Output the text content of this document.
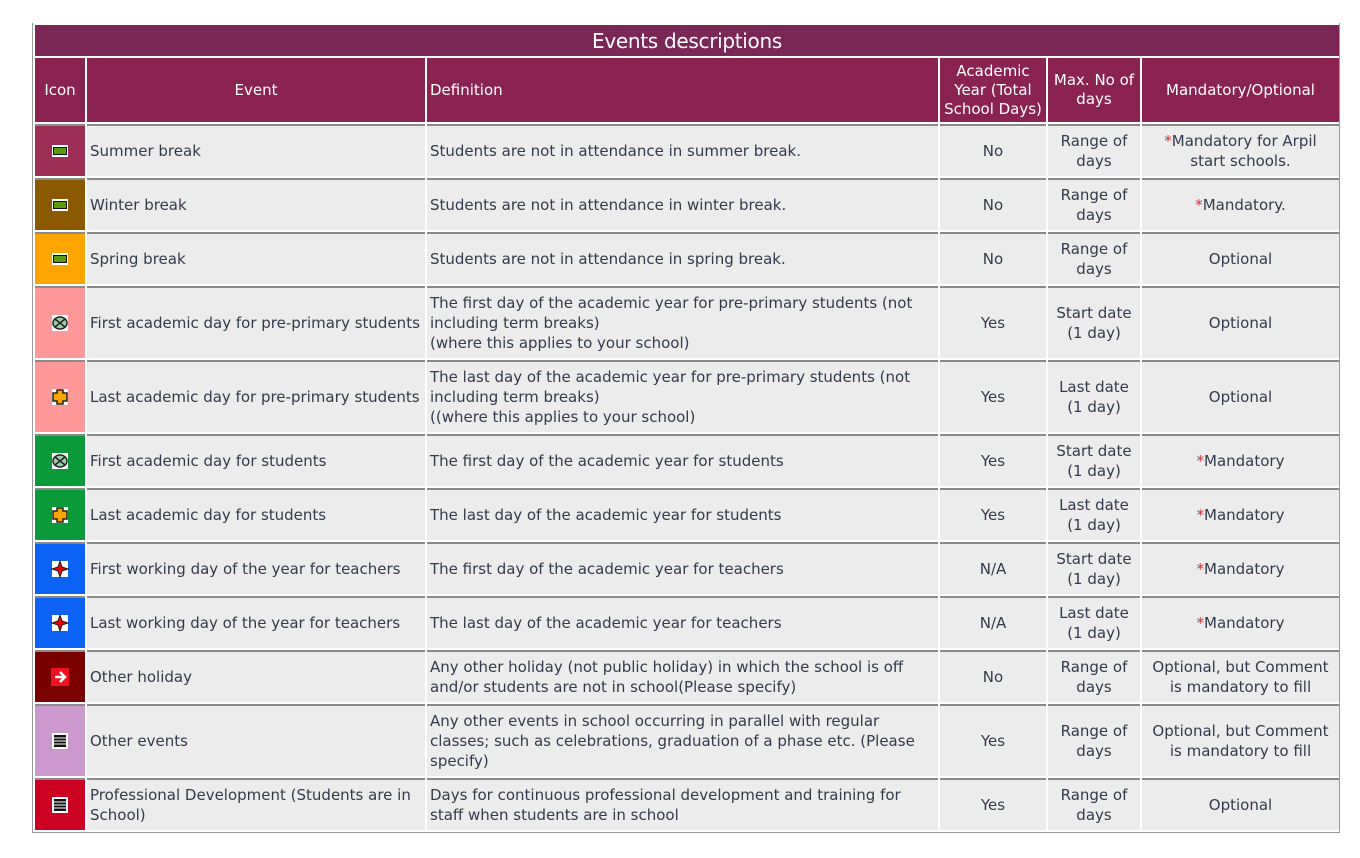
Events descriptions					
Icon	Event	Definition	Academic Year (Total School Days)	Max. No of days	Mandatory/Optional

	Summer break	Students are not in attendance in summer break.	No	Range of days	*Mandatory for Arpil start schools.

	Winter break	Students are not in attendance in winter break.	No	Range of days	*Mandatory.

	Spring break	Students are not in attendance in spring break.	No	Range of days	Optional

	First academic day for pre-primary students	The first day of the academic year for pre-primary students (not including term breaks)
(where this applies to your school)	Yes	Start date (1 day)	Optional

	Last academic day for pre-primary students	The last day of the academic year for pre-primary students (not including term breaks)
((where this applies to your school)	Yes	Last date (1 day)	Optional

	First academic day for students	The first day of the academic year for students	Yes	Start date (1 day)	*Mandatory

	Last academic day for students	The last day of the academic year for students	Yes	Last date (1 day)	*Mandatory

	First working day of the year for teachers	The first day of the academic year for teachers	N/A	Start date (1 day)	*Mandatory

	Last working day of the year for teachers	The last day of the academic year for teachers	N/A	Last date (1 day)	*Mandatory

	Other holiday	Any other holiday (not public holiday) in which the school is off and/or students are not in school(Please specify)	No	Range of days	Optional, but Comment is mandatory to fill

	Other events	Any other events in school occurring in parallel with regular classes; such as celebrations, graduation of a phase etc. (Please specify)	Yes	Range of days	Optional, but Comment is mandatory to fill

	Professional Development (Students are in School)	Days for continuous professional development and training for staff when students are in school	Yes	Range of days	Optional
